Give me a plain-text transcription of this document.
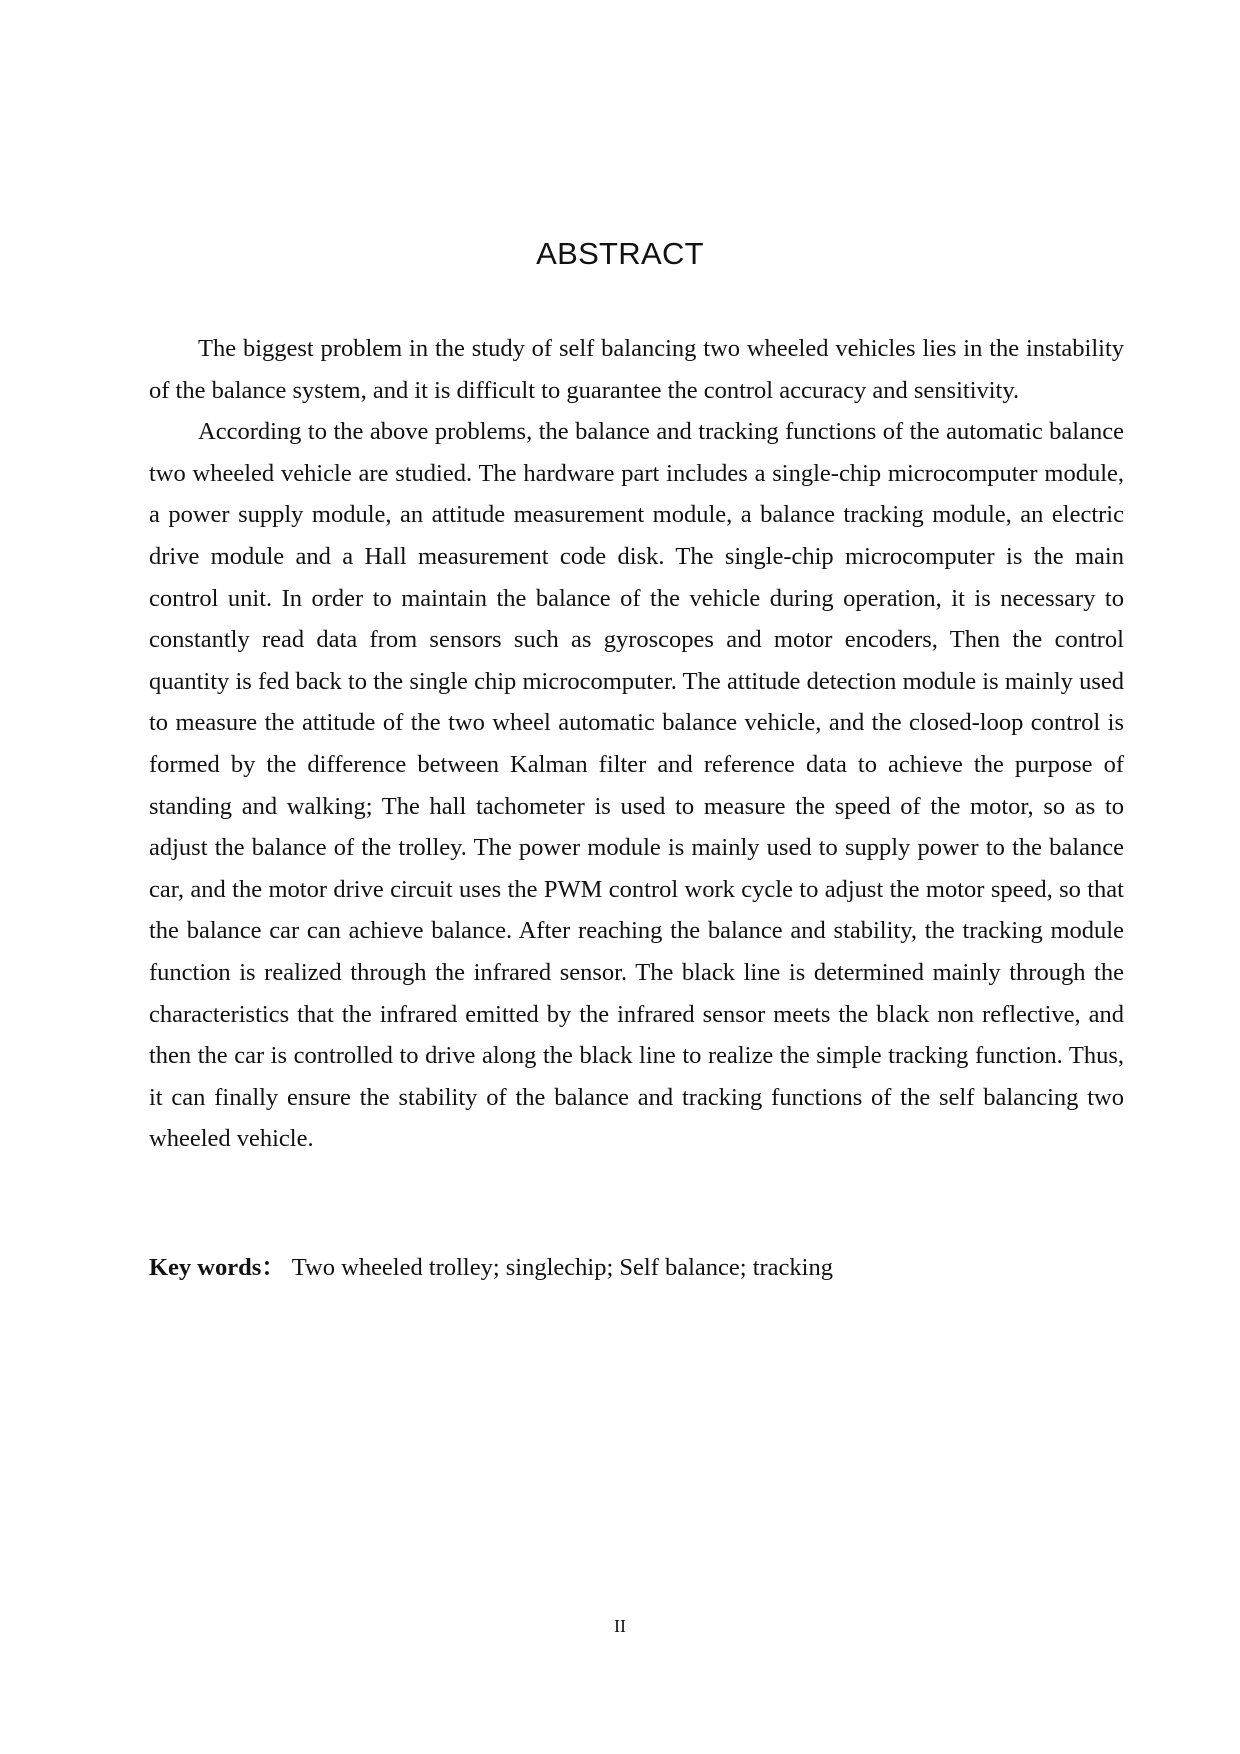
ABSTRACT

The biggest problem in the study of self balancing two wheeled vehicles lies in the instability of the balance system, and it is difficult to guarantee the control accuracy and sensitivity.

According to the above problems, the balance and tracking functions of the automatic balance two wheeled vehicle are studied. The hardware part includes a single-chip microcomputer module, a power supply module, an attitude measurement module, a balance tracking module, an electric drive module and a Hall measurement code disk. The single-chip microcomputer is the main control unit. In order to maintain the balance of the vehicle during operation, it is necessary to constantly read data from sensors such as gyroscopes and motor encoders, Then the control quantity is fed back to the single chip microcomputer. The attitude detection module is mainly used to measure the attitude of the two wheel automatic balance vehicle, and the closed-loop control is formed by the difference between Kalman filter and reference data to achieve the purpose of standing and walking; The hall tachometer is used to measure the speed of the motor, so as to adjust the balance of the trolley. The power module is mainly used to supply power to the balance car, and the motor drive circuit uses the PWM control work cycle to adjust the motor speed, so that the balance car can achieve balance. After reaching the balance and stability, the tracking module function is realized through the infrared sensor. The black line is determined mainly through the characteristics that the infrared emitted by the infrared sensor meets the black non reflective, and then the car is controlled to drive along the black line to realize the simple tracking function. Thus, it can finally ensure the stability of the balance and tracking functions of the self balancing two wheeled vehicle.

Key words： Two wheeled trolley; singlechip; Self balance; tracking

II
